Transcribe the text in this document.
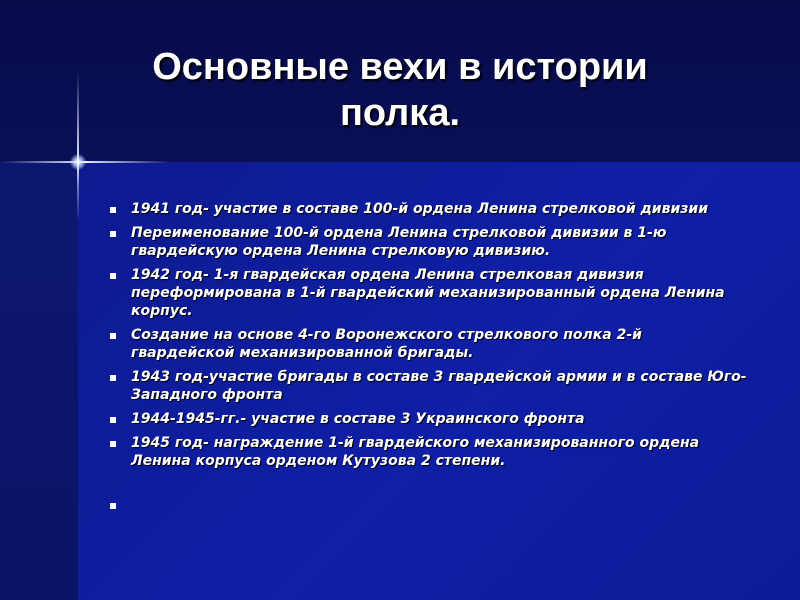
Основные вехи в истории
полка.
1941 год- участие в составе 100-й ордена Ленина стрелковой дивизии
Переименование 100-й ордена Ленина стрелковой дивизии в 1-ю гвардейскую ордена Ленина стрелковую дивизию.
1942 год- 1-я гвардейская ордена Ленина стрелковая дивизия переформирована в 1-й гвардейский механизированный ордена Ленина корпус.
Создание на основе 4-го Воронежского стрелкового полка 2-й гвардейской механизированной бригады.
1943 год-участие бригады в составе 3 гвардейской армии и в составе Юго-Западного фронта
1944-1945-гг.- участие в составе 3 Украинского фронта
1945 год- награждение 1-й гвардейского механизированного ордена Ленина корпуса орденом Кутузова 2 степени.
